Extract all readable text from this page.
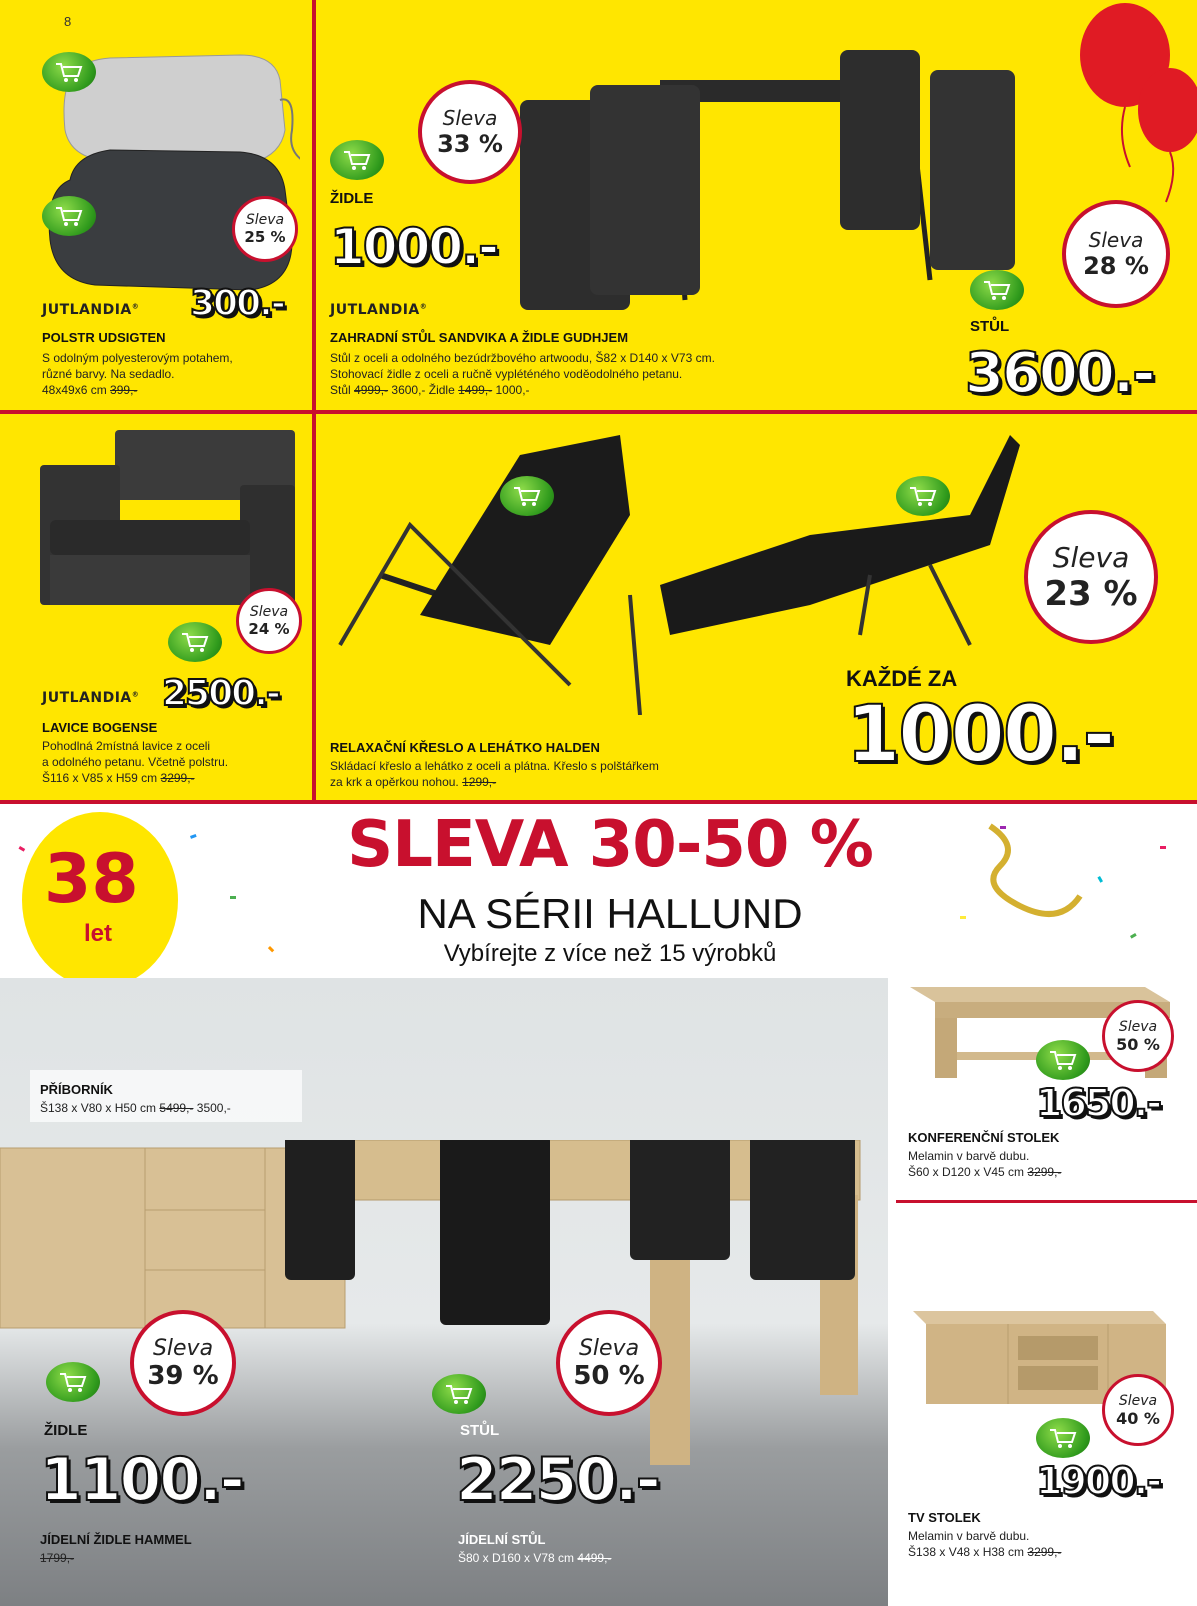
8
Sleva
25 %
JUTLANDIA® 300.-
POLSTR UDSIGTEN
S odolným polyesterovým potahem,
různé barvy. Na sedadlo.
48x49x6 cm 399,-
Sleva
33 %
ŽIDLE
1000.-
JUTLANDIA®
ZAHRADNÍ STŮL SANDVIKA A ŽIDLE GUDHJEM
Stůl z oceli a odolného bezúdržbového artwoodu, Š82 x D140 x V73 cm.
Stohovací židle z oceli a ručně vypléténého voděodolného petanu.
Stůl 4999,- 3600,- Židle 1499,- 1000,-
Sleva
28 %
STŮL
3600.-
Sleva
24 %
JUTLANDIA® 2500.-
LAVICE BOGENSE
Pohodlná 2místná lavice z oceli
a odolného petanu. Včetně polstru.
Š116 x V85 x H59 cm 3299,-
Sleva
23 %
KAŽDÉ ZA
1000.-
RELAXAČNÍ KŘESLO A LEHÁTKO HALDEN
Skládací křeslo a lehátko z oceli a plátna. Křeslo s polštářkem
za krk a opěrkou nohou. 1299,-
38
let
SLEVA 30-50 %
NA SÉRII HALLUND
Vybírejte z více než 15 výrobků
PŘÍBORNÍK
Š138 x V80 x H50 cm 5499,- 3500,-
Sleva
39 %
ŽIDLE
1100.-
JÍDELNÍ ŽIDLE HAMMEL
1799,-
Sleva
50 %
STŮL
2250.-
JÍDELNÍ STŮL
Š80 x D160 x V78 cm 4499,-
Sleva
50 %
1650.-
KONFERENČNÍ STOLEK
Melamin v barvě dubu.
Š60 x D120 x V45 cm 3299,-
Sleva
40 %
1900.-
TV STOLEK
Melamin v barvě dubu.
Š138 x V48 x H38 cm 3299,-
